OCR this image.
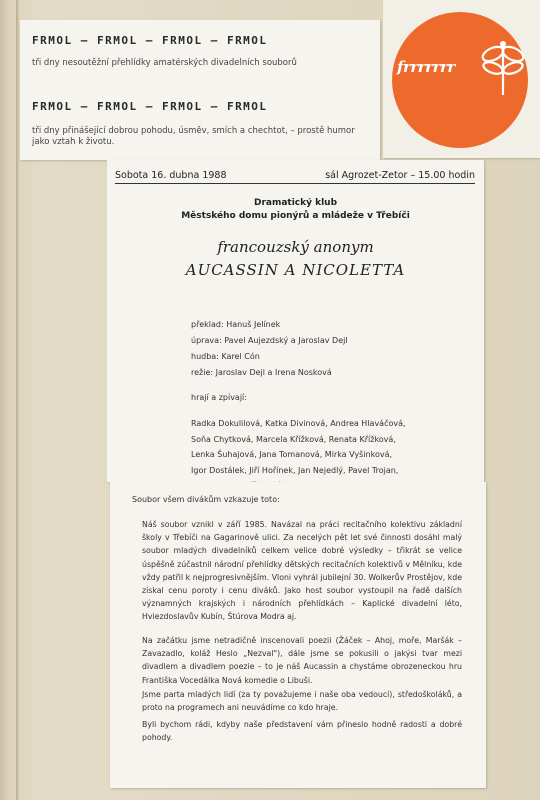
FRMOL – FRMOL – FRMOL – FRMOL
tři dny nesoutěžní přehlídky amatérských divadelních souborů
FRMOL – FRMOL – FRMOL – FRMOL
tři dny přinášející dobrou pohodu, úsměv, smích a chechtot, – prostě humor jako vztah k životu.
frrrrrrr
Sobota 16. dubna 1988	sál Agrozet-Zetor – 15.00 hodin
Dramatický klub
Městského domu pionýrů a mládeže v Třebíči
francouzský anonym
AUCASSIN A NICOLETTA
překlad: Hanuš Jelínek
úprava: Pavel Aujezdský a Jaroslav Dejl
hudba: Karel Cón
režie: Jaroslav Dejl a Irena Nosková
hrají a zpívají:
Radka Dokulilová, Katka Divinová, Andrea Hlaváčová,
Soňa Chytková, Marcela Křížková, Renata Křížková,
Lenka Šuhajová, Jana Tomanová, Mirka Vyšinková,
Igor Dostálek, Jiří Hořínek, Jan Nejedlý, Pavel Trojan,
Soubor všem divákům vzkazuje toto:
Náš soubor vznikl v září 1985. Navázal na práci recitačního kolektivu základní školy v Třebíči na Gagarinově ulici. Za necelých pět let své činnosti dosáhl malý soubor mladých divadelníků celkem velice dobré výsledky – třikrát se velice úspěšně zúčastnil národní přehlídky dětských recitačních kolektivů v Mělníku, kde vždy patřil k nejprogresivnějším. Vloni vyhrál jubilejní 30. Wolkerův Prostějov, kde získal cenu poroty i cenu diváků. Jako host soubor vystoupil na řadě dalších významných krajských i národních přehlídkách – Kaplické divadelní léto, Hviezdoslavův Kubín, Štúrova Modra aj.
Na začátku jsme netradičně inscenovali poezii (Žáček – Ahoj, moře, Maršák – Zavazadlo, koláž Heslo „Nezval"), dále jsme se pokusili o jakýsi tvar mezi divadlem a divadlem poezie – to je náš Aucassin a chystáme obrozeneckou hru Františka Vocedálka Nová komedie o Libuši.
Jsme parta mladých lidí (za ty považujeme i naše oba vedoucí), středoškoláků, a proto na programech ani neuvádíme co kdo hraje.
Byli bychom rádi, kdyby naše představení vám přineslo hodně radosti a dobré pohody.
